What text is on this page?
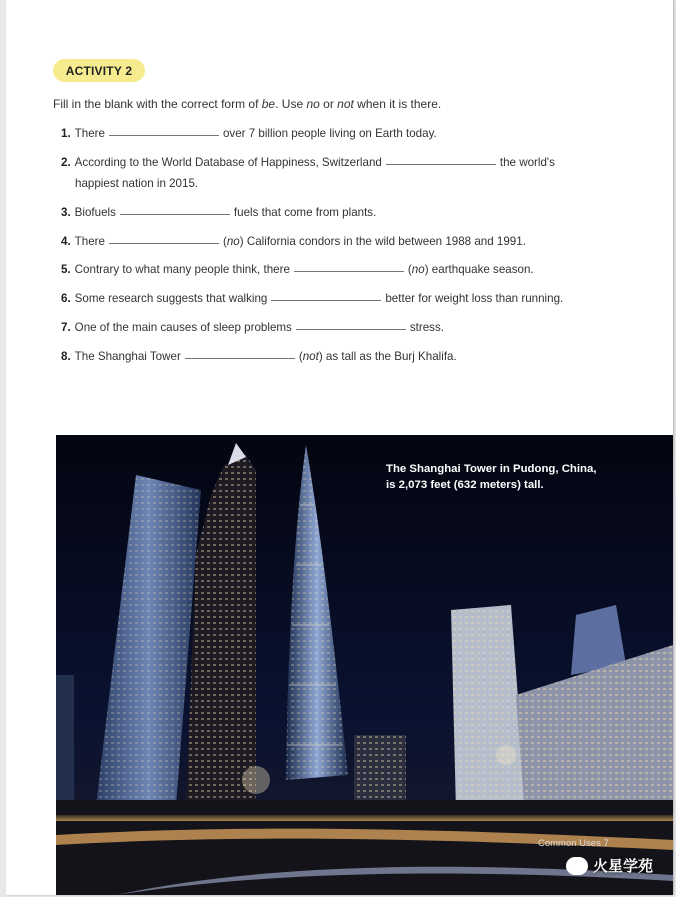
ACTIVITY 2
Fill in the blank with the correct form of be. Use no or not when it is there.
1. There	over 7 billion people living on Earth today.
2. According to the World Database of Happiness, Switzerland	the world's
happiest nation in 2015.
3. Biofuels	fuels that come from plants.
4. There	(no) California condors in the wild between 1988 and 1991.
5. Contrary to what many people think, there	(no) earthquake season.
6. Some research suggests that walking	better for weight loss than running.
7. One of the main causes of sleep problems	stress.
8. The Shanghai Tower	(not) as tall as the Burj Khalifa.
The Shanghai Tower in Pudong, China,
is 2,073 feet (632 meters) tall.
Common Uses 7
火星学苑
